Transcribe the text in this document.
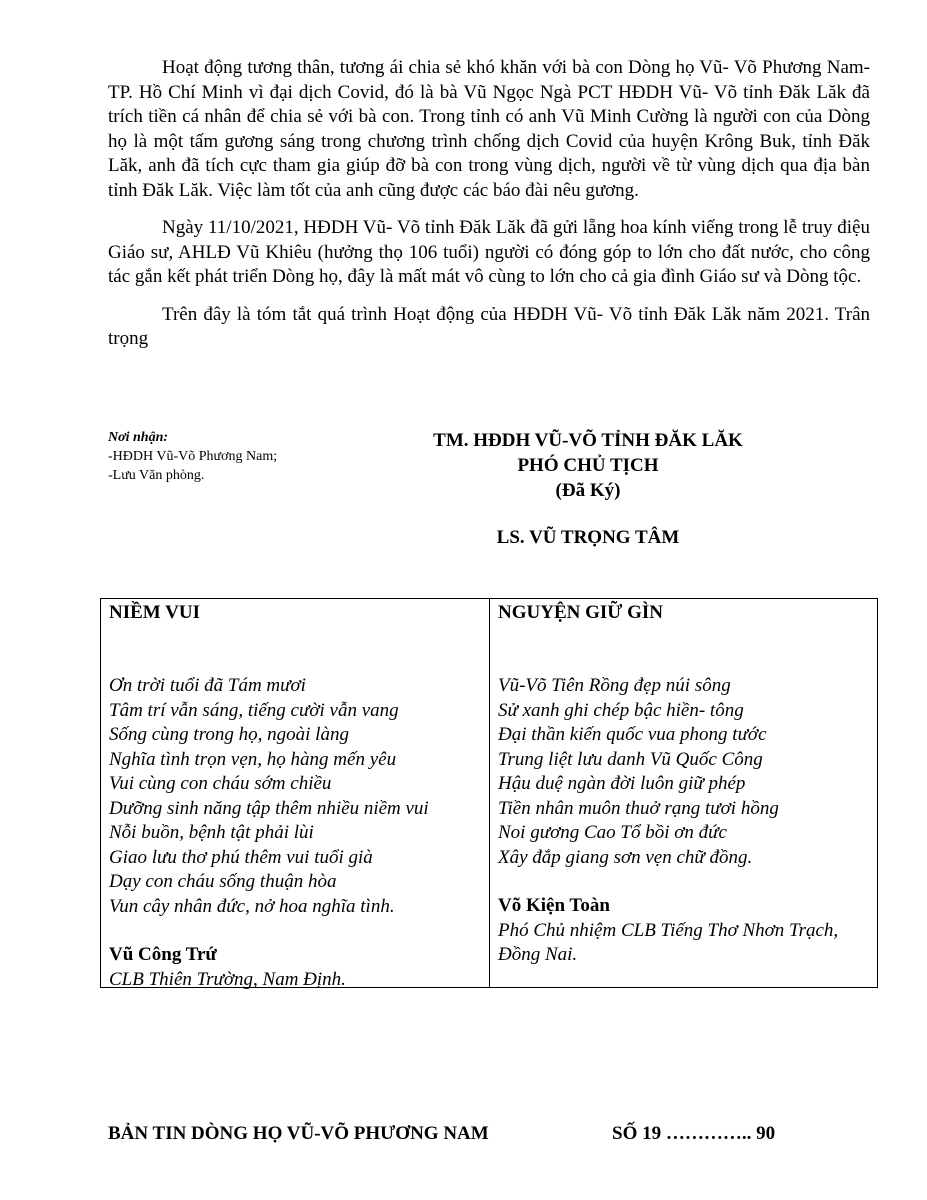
Hoạt động tương thân, tương ái chia sẻ khó khăn với bà con Dòng họ Vũ- Võ Phương Nam- TP. Hồ Chí Minh vì đại dịch Covid, đó là bà Vũ Ngọc Ngà PCT HĐDH Vũ- Võ tỉnh Đăk Lăk đã trích tiền cá nhân để chia sẻ với bà con. Trong tỉnh có anh Vũ Minh Cường là người con của Dòng họ là một tấm gương sáng trong chương trình chống dịch Covid của huyện Krông Buk, tỉnh Đăk Lăk, anh đã tích cực tham gia giúp đỡ bà con trong vùng dịch, người về từ vùng dịch qua địa bàn tỉnh Đăk Lăk. Việc làm tốt của anh cũng được các báo đài nêu gương.

Ngày 11/10/2021, HĐDH Vũ- Võ tỉnh Đăk Lăk đã gửi lẵng hoa kính viếng trong lễ truy điệu Giáo sư, AHLĐ Vũ Khiêu (hưởng thọ 106 tuổi) người có đóng góp to lớn cho đất nước, cho công tác gắn kết phát triển Dòng họ, đây là mất mát vô cùng to lớn cho cả gia đình Giáo sư và Dòng tộc.

Trên đây là tóm tắt quá trình Hoạt động của HĐDH Vũ- Võ tỉnh Đăk Lăk năm 2021. Trân trọng

Nơi nhận:
-HĐDH Vũ-Võ Phương Nam;
-Lưu Văn phòng.
TM. HĐDH VŨ-VÕ TỈNH ĐĂK LĂK
PHÓ CHỦ TỊCH
(Đã Ký)
LS. VŨ TRỌNG TÂM
NIỀM VUI
Ơn trời tuổi đã Tám mươi
Tâm trí vẫn sáng, tiếng cười vẫn vang
Sống cùng trong họ, ngoài làng
Nghĩa tình trọn vẹn, họ hàng mến yêu
Vui cùng con cháu sớm chiều
Dưỡng sinh năng tập thêm nhiều niềm vui
Nỗi buồn, bệnh tật phải lùi
Giao lưu thơ phú thêm vui tuổi già
Dạy con cháu sống thuận hòa
Vun cây nhân đức, nở hoa nghĩa tình.
Vũ Công Trứ
CLB Thiên Trường, Nam Định.
NGUYỆN GIỮ GÌN
Vũ-Võ Tiên Rồng đẹp núi sông
Sử xanh ghi chép bậc hiền- tông
Đại thần kiến quốc vua phong tước
Trung liệt lưu danh Vũ Quốc Công
Hậu duệ ngàn đời luôn giữ phép
Tiền nhân muôn thuở rạng tươi hồng
Noi gương Cao Tổ bồi ơn đức
Xây đắp giang sơn vẹn chữ đồng.
Võ Kiện Toàn
Phó Chủ nhiệm CLB Tiếng Thơ Nhơn Trạch, Đồng Nai.
BẢN TIN DÒNG HỌ VŨ-VÕ PHƯƠNG NAM	SỐ 19 ………….. 90
